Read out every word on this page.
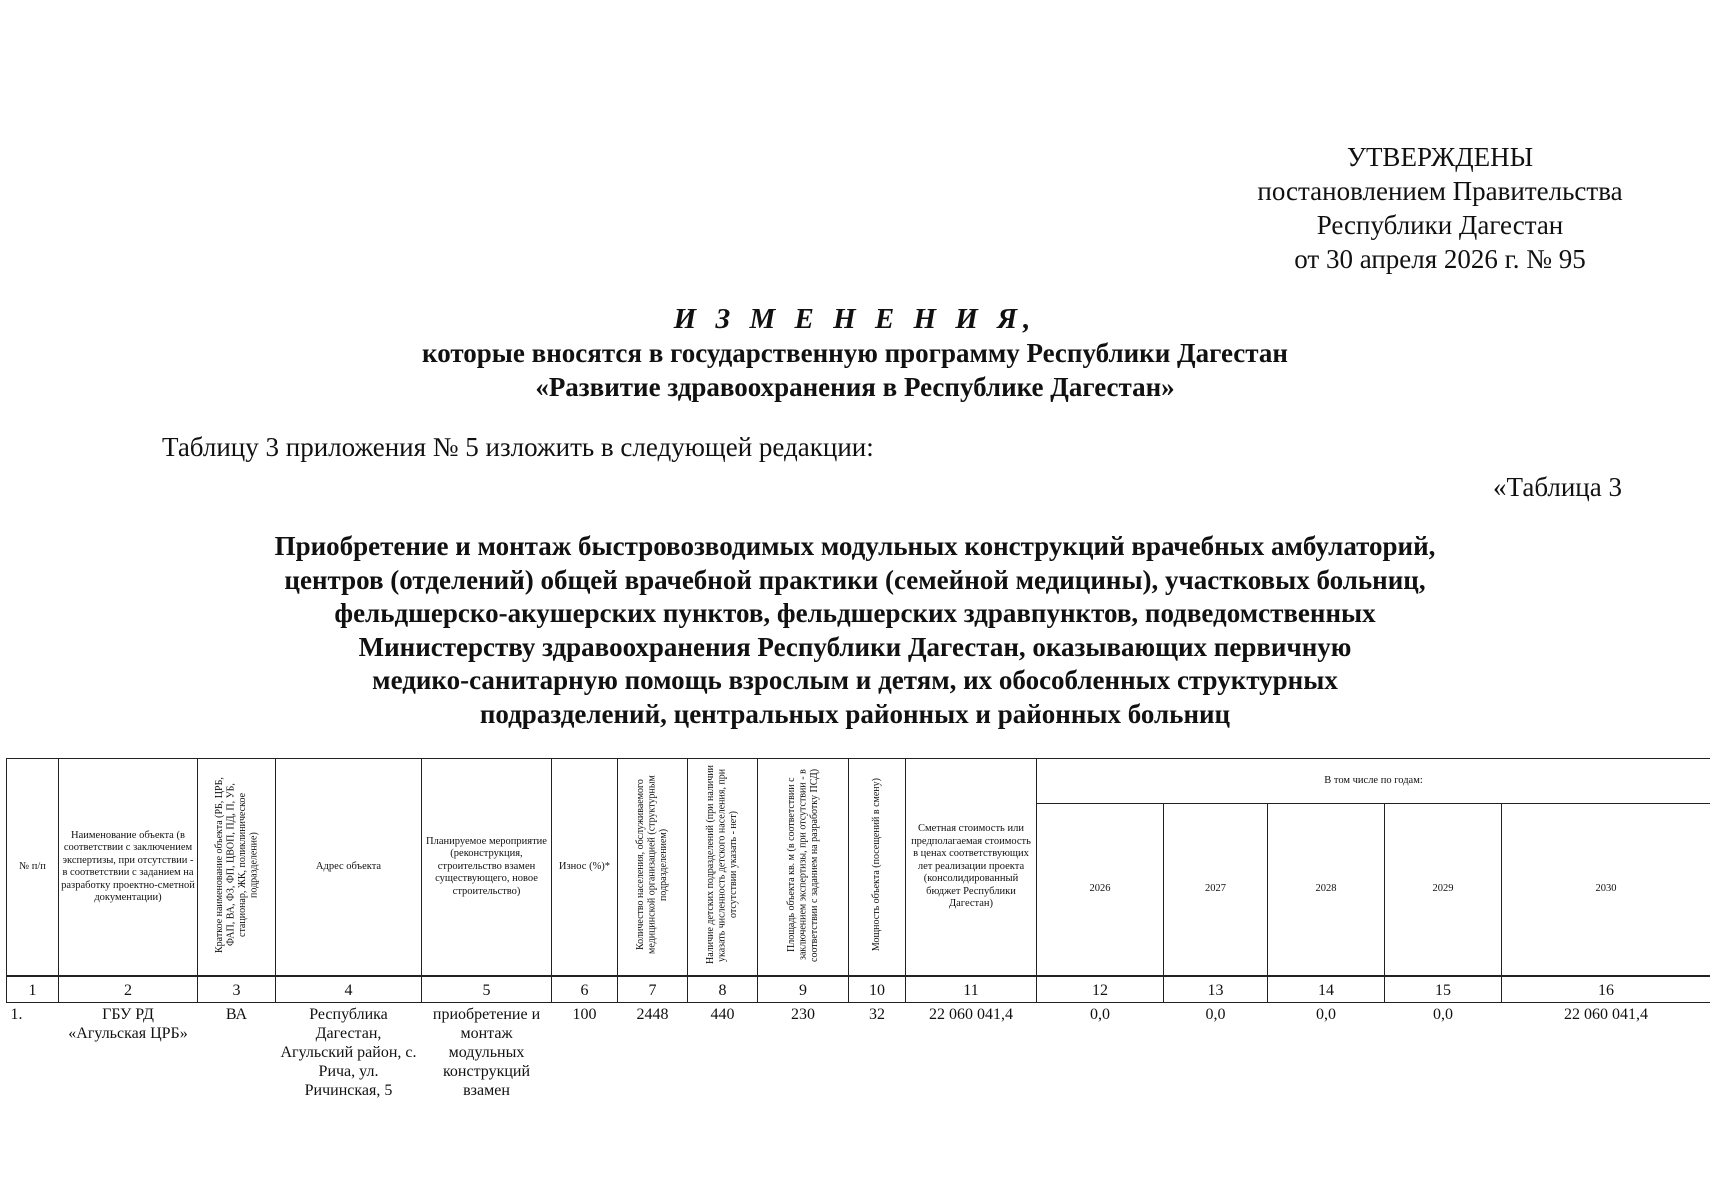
УТВЕРЖДЕНЫ
постановлением Правительства
Республики Дагестан
от 30 апреля 2026 г. № 95
И З М Е Н Е Н И Я,
которые вносятся в государственную программу Республики Дагестан
«Развитие здравоохранения в Республике Дагестан»
Таблицу 3 приложения № 5 изложить в следующей редакции:
«Таблица 3
Приобретение и монтаж быстровозводимых модульных конструкций врачебных амбулаторий,
центров (отделений) общей врачебной практики (семейной медицины), участковых больниц,
фельдшерско-акушерских пунктов, фельдшерских здравпунктов, подведомственных
Министерству здравоохранения Республики Дагестан, оказывающих первичную
медико-санитарную помощь взрослым и детям, их обособленных структурных
подразделений, центральных районных и районных больниц
№ п/п	Наименование объекта (в соответствии с заключением экспертизы, при отсутствии - в соответствии с заданием на разработку проектно-сметной документации)	Краткое наименование объекта (РБ, ЦРБ, ФАП, ВА, ФЗ, ФП, ЦВОП, ПД, П, УБ, стационар, ЖК, поликлиническое подразделение)	Адрес объекта	Планируемое мероприятие (реконструкция, строительство взамен существующего, новое строительство)	Износ (%)*	Количество населения, обслуживаемого медицинской организацией (структурным подразделением)	Наличие детских подразделений (при наличии указать численность детского населения, при отсутствии указать - нет)	Площадь объекта кв. м (в соответствии с заключением экспертизы, при отсутствии - в соответствии с заданием на разработку ПСД)	Мощность объекта (посещений в смену)	Сметная стоимость или предполагаемая стоимость в ценах соответствующих лет реализации проекта (консолидированный бюджет Республики Дагестан)	В том числе по годам:				
											2026	2027	2028	2029	2030
1	2	3	4	5	6	7	8	9	10	11	12	13	14	15	16
1.	ГБУ РД «Агульская ЦРБ»	ВА	Республика Дагестан, Агульский район, с. Рича, ул. Ричинская, 5	приобретение и монтаж модульных конструкций взамен	100	2448	440	230	32	22 060 041,4	0,0	0,0	0,0	0,0	22 060 041,4
